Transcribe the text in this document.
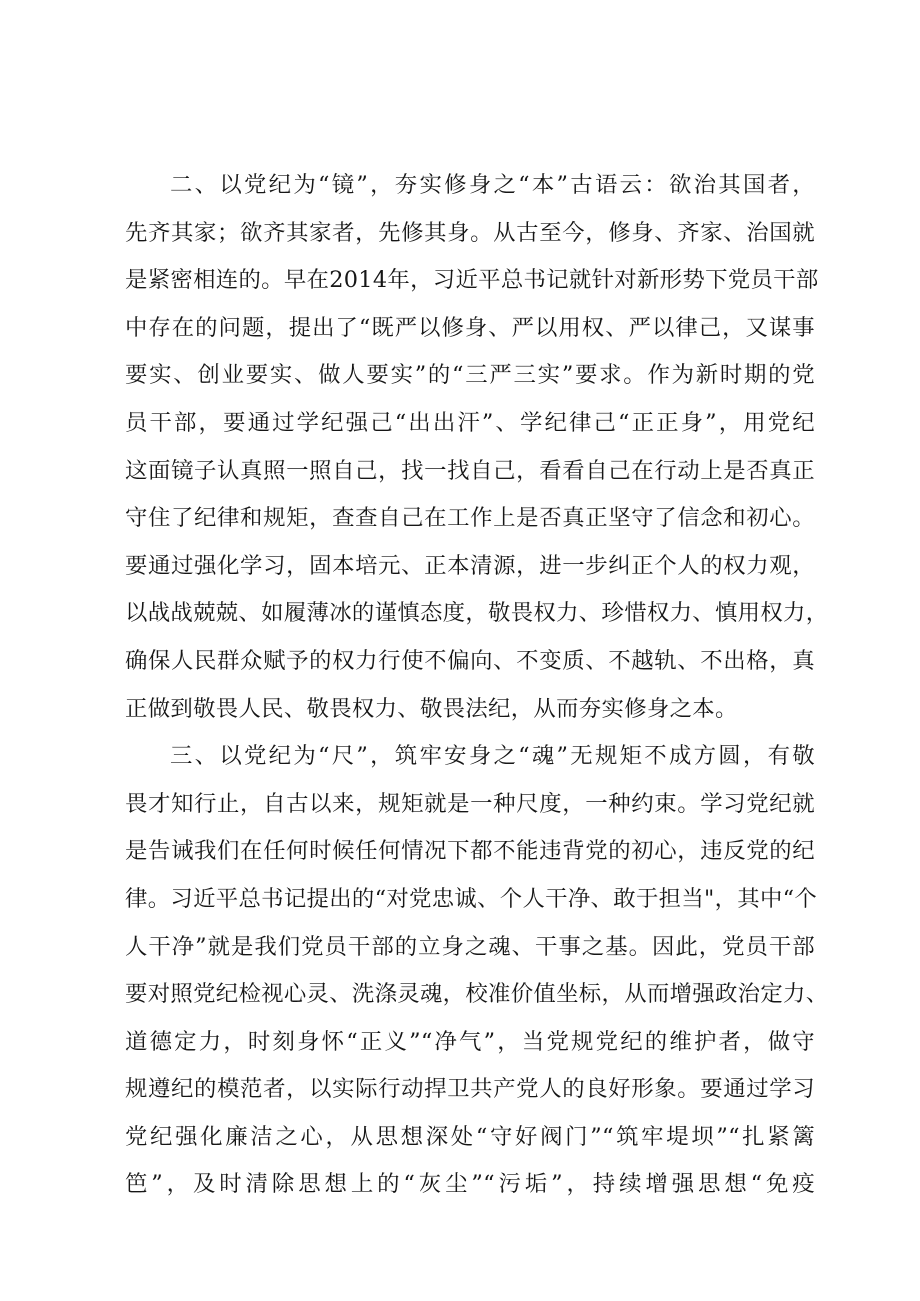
二、以党纪为“镜”，夯实修身之“本”古语云：欲治其国者，
先齐其家；欲齐其家者，先修其身。从古至今，修身、齐家、治国就
是紧密相连的。早在2014年，习近平总书记就针对新形势下党员干部
中存在的问题，提出了“既严以修身、严以用权、严以律己，又谋事
要实、创业要实、做人要实”的“三严三实”要求。作为新时期的党
员干部，要通过学纪强己“出出汗”、学纪律己“正正身”，用党纪
这面镜子认真照一照自己，找一找自己，看看自己在行动上是否真正
守住了纪律和规矩，查查自己在工作上是否真正坚守了信念和初心。
要通过强化学习，固本培元、正本清源，进一步纠正个人的权力观，
以战战兢兢、如履薄冰的谨慎态度，敬畏权力、珍惜权力、慎用权力，
确保人民群众赋予的权力行使不偏向、不变质、不越轨、不出格，真
正做到敬畏人民、敬畏权力、敬畏法纪，从而夯实修身之本。
三、以党纪为“尺”，筑牢安身之“魂”无规矩不成方圆，有敬
畏才知行止，自古以来，规矩就是一种尺度，一种约束。学习党纪就
是告诫我们在任何时候任何情况下都不能违背党的初心，违反党的纪
律。习近平总书记提出的“对党忠诚、个人干净、敢于担当"，其中“个
人干净”就是我们党员干部的立身之魂、干事之基。因此，党员干部
要对照党纪检视心灵、洗涤灵魂，校准价值坐标，从而增强政治定力、
道德定力，时刻身怀“正义”“净气”，当党规党纪的维护者，做守
规遵纪的模范者，以实际行动捍卫共产党人的良好形象。要通过学习
党纪强化廉洁之心，从思想深处“守好阀门”“筑牢堤坝”“扎紧篱
笆”，及时清除思想上的“灰尘”“污垢”，持续增强思想“免疫
